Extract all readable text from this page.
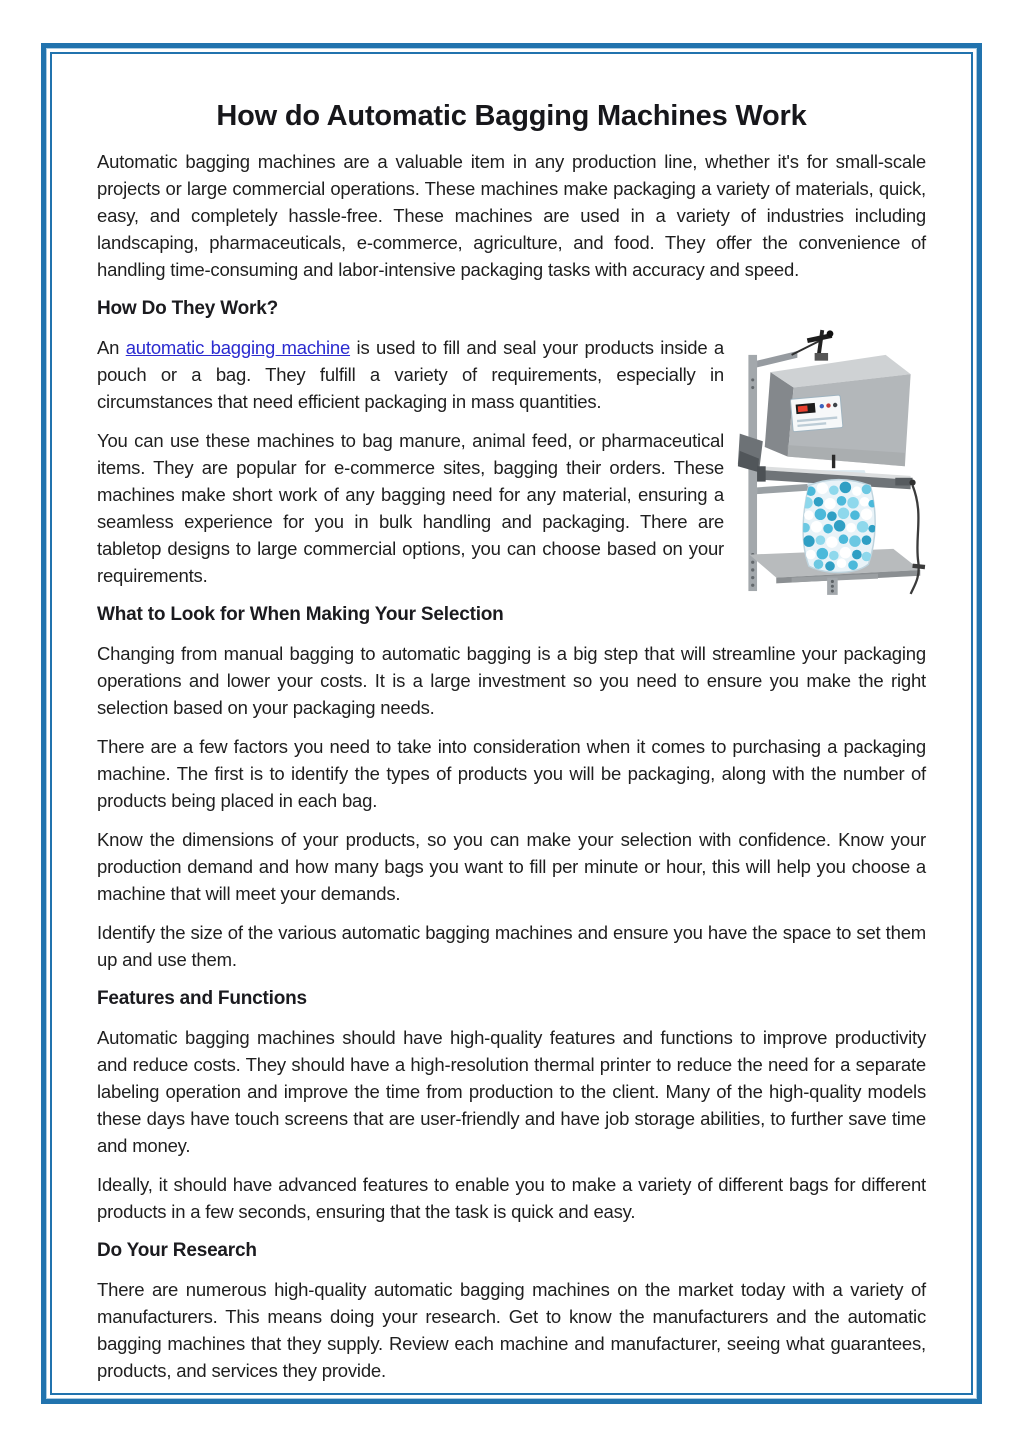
How do Automatic Bagging Machines Work

Automatic bagging machines are a valuable item in any production line, whether it's for small-scale projects or large commercial operations. These machines make packaging a variety of materials, quick, easy, and completely hassle-free. These machines are used in a variety of industries including landscaping, pharmaceuticals, e-commerce, agriculture, and food. They offer the convenience of handling time-consuming and labor-intensive packaging tasks with accuracy and speed.

How Do They Work?

An automatic bagging machine is used to fill and seal your products inside a pouch or a bag. They fulfill a variety of requirements, especially in circumstances that need efficient packaging in mass quantities.

You can use these machines to bag manure, animal feed, or pharmaceutical items. They are popular for e-commerce sites, bagging their orders. These machines make short work of any bagging need for any material, ensuring a seamless experience for you in bulk handling and packaging. There are tabletop designs to large commercial options, you can choose based on your requirements.

What to Look for When Making Your Selection

Changing from manual bagging to automatic bagging is a big step that will streamline your packaging operations and lower your costs. It is a large investment so you need to ensure you make the right selection based on your packaging needs.

There are a few factors you need to take into consideration when it comes to purchasing a packaging machine. The first is to identify the types of products you will be packaging, along with the number of products being placed in each bag.

Know the dimensions of your products, so you can make your selection with confidence. Know your production demand and how many bags you want to fill per minute or hour, this will help you choose a machine that will meet your demands.

Identify the size of the various automatic bagging machines and ensure you have the space to set them up and use them.

Features and Functions

Automatic bagging machines should have high-quality features and functions to improve productivity and reduce costs. They should have a high-resolution thermal printer to reduce the need for a separate labeling operation and improve the time from production to the client. Many of the high-quality models these days have touch screens that are user-friendly and have job storage abilities, to further save time and money.

Ideally, it should have advanced features to enable you to make a variety of different bags for different products in a few seconds, ensuring that the task is quick and easy.

Do Your Research

There are numerous high-quality automatic bagging machines on the market today with a variety of manufacturers. This means doing your research. Get to know the manufacturers and the automatic bagging machines that they supply. Review each machine and manufacturer, seeing what guarantees, products, and services they provide.
